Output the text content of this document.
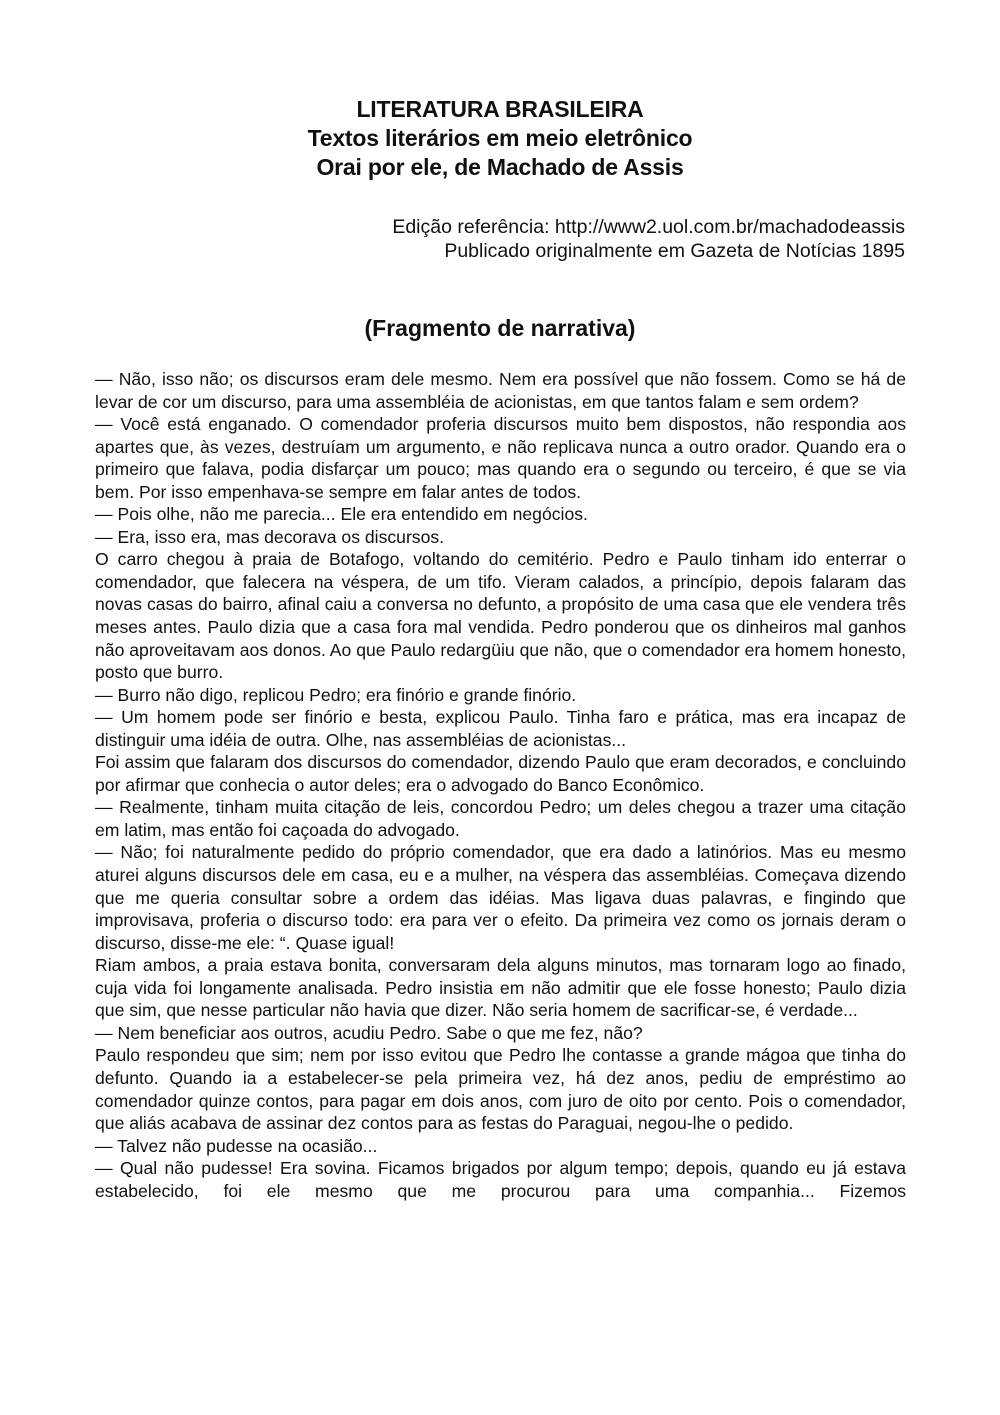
LITERATURA BRASILEIRA
Textos literários em meio eletrônico
Orai por ele, de Machado de Assis
Edição referência: http://www2.uol.com.br/machadodeassis
Publicado originalmente em Gazeta de Notícias 1895
(Fragmento de narrativa)

— Não, isso não; os discursos eram dele mesmo. Nem era possível que não fossem. Como se há de levar de cor um discurso, para uma assembléia de acionistas, em que tantos falam e sem ordem?

— Você está enganado. O comendador proferia discursos muito bem dispostos, não respondia aos apartes que, às vezes, destruíam um argumento, e não replicava nunca a outro orador. Quando era o primeiro que falava, podia disfarçar um pouco; mas quando era o segundo ou terceiro, é que se via bem. Por isso empenhava-se sempre em falar antes de todos.

— Pois olhe, não me parecia... Ele era entendido em negócios.

— Era, isso era, mas decorava os discursos.

O carro chegou à praia de Botafogo, voltando do cemitério. Pedro e Paulo tinham ido enterrar o comendador, que falecera na véspera, de um tifo. Vieram calados, a princípio, depois falaram das novas casas do bairro, afinal caiu a conversa no defunto, a propósito de uma casa que ele vendera três meses antes. Paulo dizia que a casa fora mal vendida. Pedro ponderou que os dinheiros mal ganhos não aproveitavam aos donos. Ao que Paulo redargüiu que não, que o comendador era homem honesto, posto que burro.

— Burro não digo, replicou Pedro; era finório e grande finório.

— Um homem pode ser finório e besta, explicou Paulo. Tinha faro e prática, mas era incapaz de distinguir uma idéia de outra. Olhe, nas assembléias de acionistas...

Foi assim que falaram dos discursos do comendador, dizendo Paulo que eram decorados, e concluindo por afirmar que conhecia o autor deles; era o advogado do Banco Econômico.

— Realmente, tinham muita citação de leis, concordou Pedro; um deles chegou a trazer uma citação em latim, mas então foi caçoada do advogado.

— Não; foi naturalmente pedido do próprio comendador, que era dado a latinórios. Mas eu mesmo aturei alguns discursos dele em casa, eu e a mulher, na véspera das assembléias. Começava dizendo que me queria consultar sobre a ordem das idéias. Mas ligava duas palavras, e fingindo que improvisava, proferia o discurso todo: era para ver o efeito. Da primeira vez como os jornais deram o discurso, disse-me ele: “. Quase igual!

Riam ambos, a praia estava bonita, conversaram dela alguns minutos, mas tornaram logo ao finado, cuja vida foi longamente analisada. Pedro insistia em não admitir que ele fosse honesto; Paulo dizia que sim, que nesse particular não havia que dizer. Não seria homem de sacrificar-se, é verdade...

— Nem beneficiar aos outros, acudiu Pedro. Sabe o que me fez, não?

Paulo respondeu que sim; nem por isso evitou que Pedro lhe contasse a grande mágoa que tinha do defunto. Quando ia a estabelecer-se pela primeira vez, há dez anos, pediu de empréstimo ao comendador quinze contos, para pagar em dois anos, com juro de oito por cento. Pois o comendador, que aliás acabava de assinar dez contos para as festas do Paraguai, negou-lhe o pedido.

— Talvez não pudesse na ocasião...

— Qual não pudesse! Era sovina. Ficamos brigados por algum tempo; depois, quando eu já estava estabelecido, foi ele mesmo que me procurou para uma companhia... Fizemos
